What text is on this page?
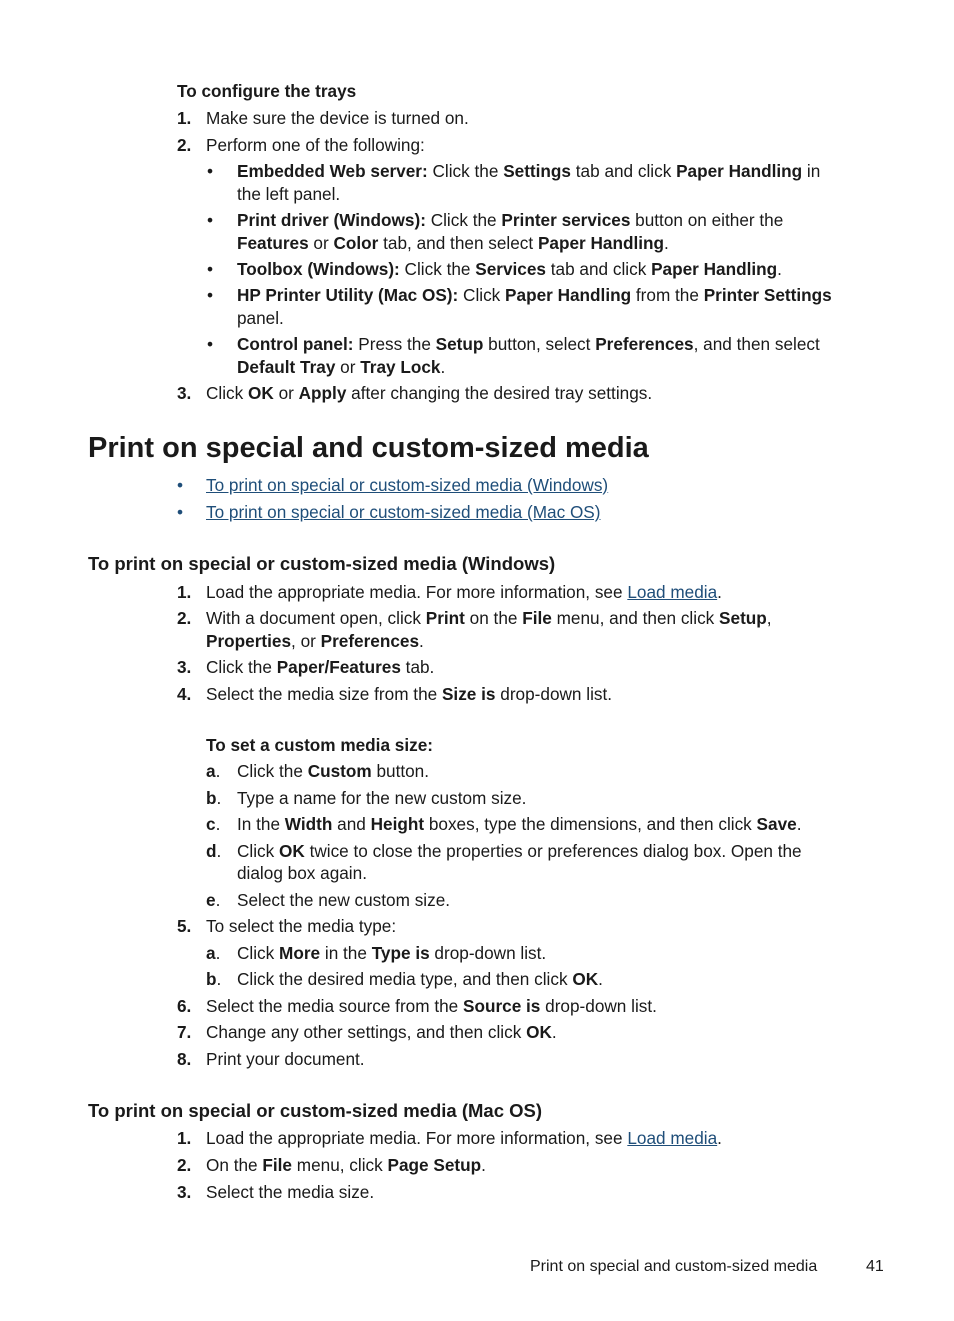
To configure the trays
1. Make sure the device is turned on.
2. Perform one of the following:
• Embedded Web server: Click the Settings tab and click Paper Handling in
the left panel.
• Print driver (Windows): Click the Printer services button on either the
Features or Color tab, and then select Paper Handling.
• Toolbox (Windows): Click the Services tab and click Paper Handling.
• HP Printer Utility (Mac OS): Click Paper Handling from the Printer Settings
panel.
• Control panel: Press the Setup button, select Preferences, and then select
Default Tray or Tray Lock.
3. Click OK or Apply after changing the desired tray settings.
Print on special and custom-sized media
• To print on special or custom-sized media (Windows)
• To print on special or custom-sized media (Mac OS)
To print on special or custom-sized media (Windows)
1. Load the appropriate media. For more information, see Load media.
2. With a document open, click Print on the File menu, and then click Setup,
Properties, or Preferences.
3. Click the Paper/Features tab.
4. Select the media size from the Size is drop-down list.
To set a custom media size:
a. Click the Custom button.
b. Type a name for the new custom size.
c. In the Width and Height boxes, type the dimensions, and then click Save.
d. Click OK twice to close the properties or preferences dialog box. Open the
dialog box again.
e. Select the new custom size.
5. To select the media type:
a. Click More in the Type is drop-down list.
b. Click the desired media type, and then click OK.
6. Select the media source from the Source is drop-down list.
7. Change any other settings, and then click OK.
8. Print your document.
To print on special or custom-sized media (Mac OS)
1. Load the appropriate media. For more information, see Load media.
2. On the File menu, click Page Setup.
3. Select the media size.
Print on special and custom-sized media	41
